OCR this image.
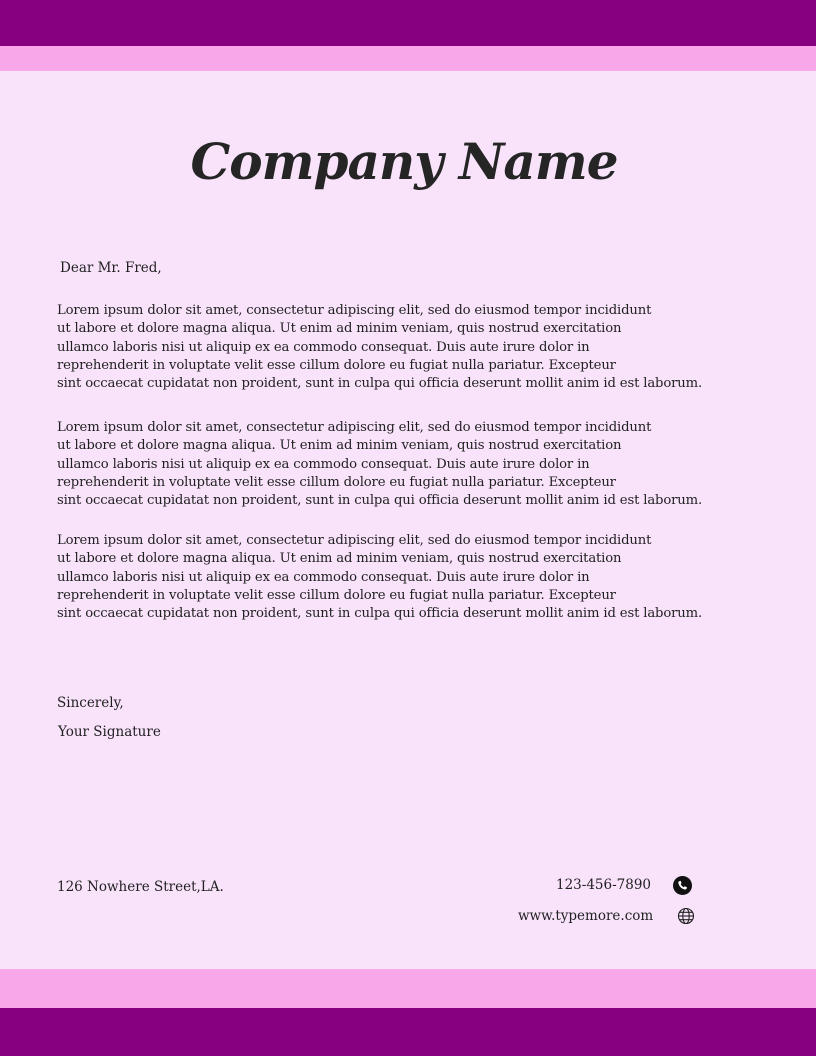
Company Name
Dear Mr. Fred,
Lorem ipsum dolor sit amet, consectetur adipiscing elit, sed do eiusmod tempor incididunt
ut labore et dolore magna aliqua. Ut enim ad minim veniam, quis nostrud exercitation
ullamco laboris nisi ut aliquip ex ea commodo consequat. Duis aute irure dolor in
reprehenderit in voluptate velit esse cillum dolore eu fugiat nulla pariatur. Excepteur
sint occaecat cupidatat non proident, sunt in culpa qui officia deserunt mollit anim id est laborum.
Lorem ipsum dolor sit amet, consectetur adipiscing elit, sed do eiusmod tempor incididunt
ut labore et dolore magna aliqua. Ut enim ad minim veniam, quis nostrud exercitation
ullamco laboris nisi ut aliquip ex ea commodo consequat. Duis aute irure dolor in
reprehenderit in voluptate velit esse cillum dolore eu fugiat nulla pariatur. Excepteur
sint occaecat cupidatat non proident, sunt in culpa qui officia deserunt mollit anim id est laborum.
Lorem ipsum dolor sit amet, consectetur adipiscing elit, sed do eiusmod tempor incididunt
ut labore et dolore magna aliqua. Ut enim ad minim veniam, quis nostrud exercitation
ullamco laboris nisi ut aliquip ex ea commodo consequat. Duis aute irure dolor in
reprehenderit in voluptate velit esse cillum dolore eu fugiat nulla pariatur. Excepteur
sint occaecat cupidatat non proident, sunt in culpa qui officia deserunt mollit anim id est laborum.
Sincerely,
Your Signature
126 Nowhere Street,LA.	123-456-7890
www.typemore.com
